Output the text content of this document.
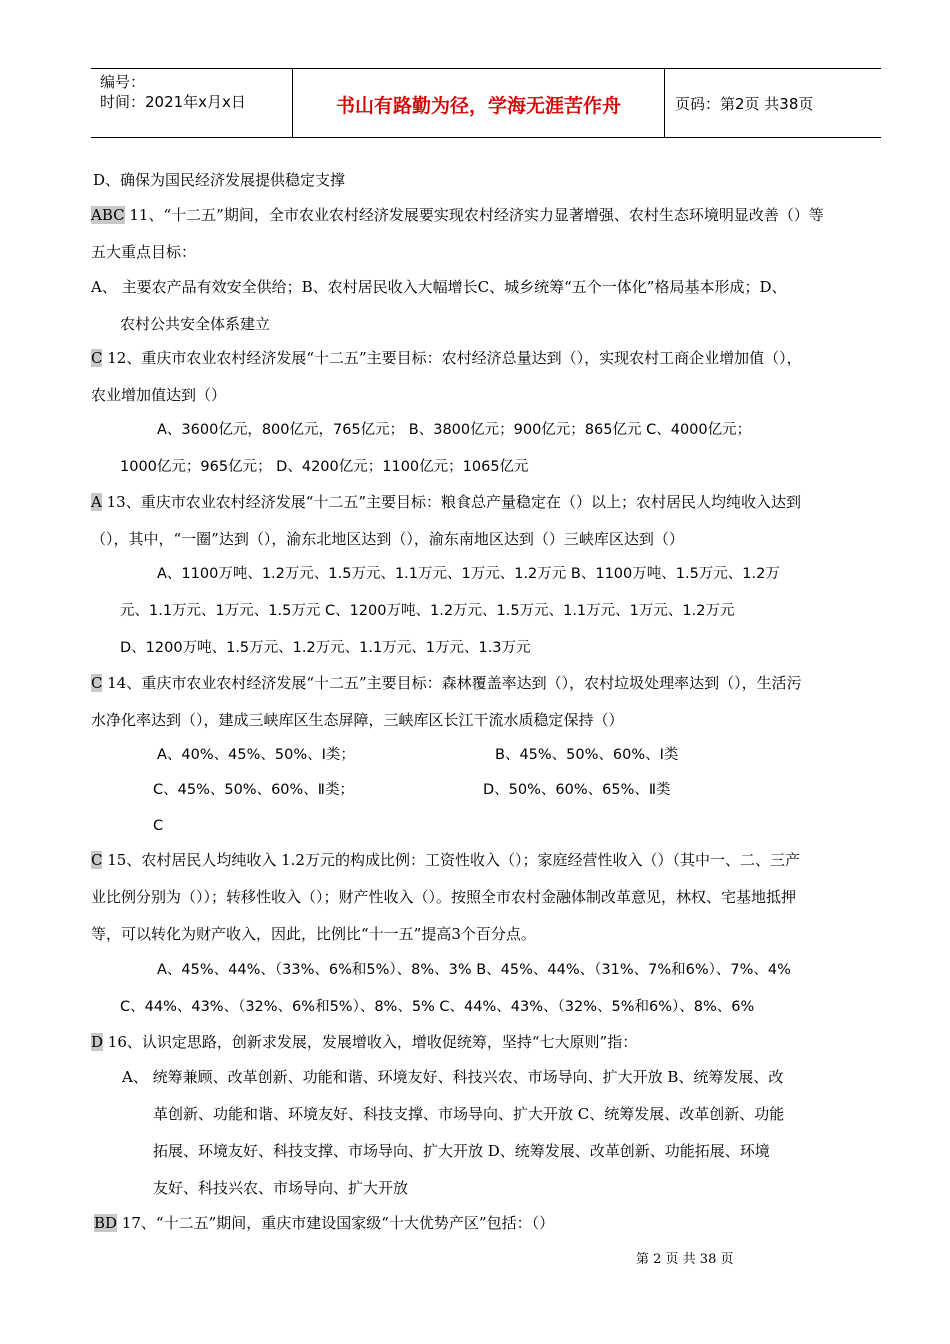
编号：
时间：2021年x月x日	书山有路勤为径，学海无涯苦作舟	页码：第2页 共38页
D、确保为国民经济发展提供稳定支撑
ABC 11、“十二五”期间，全市农业农村经济发展要实现农村经济实力显著增强、农村生态环境明显改善（）等
五大重点目标：
A、 主要农产品有效安全供给；B、农村居民收入大幅增长C、城乡统筹“五个一体化”格局基本形成；D、
农村公共安全体系建立
C 12、重庆市农业农村经济发展“十二五”主要目标：农村经济总量达到（），实现农村工商企业增加值（），
农业增加值达到（）
A、3600亿元，800亿元，765亿元； B、3800亿元；900亿元；865亿元 C、4000亿元；
1000亿元；965亿元； D、4200亿元；1100亿元；1065亿元
A 13、重庆市农业农村经济发展“十二五”主要目标：粮食总产量稳定在（）以上；农村居民人均纯收入达到
（），其中，“一圈”达到（），渝东北地区达到（），渝东南地区达到（）三峡库区达到（）
A、1100万吨、1.2万元、1.5万元、1.1万元、1万元、1.2万元 B、1100万吨、1.5万元、1.2万
元、1.1万元、1万元、1.5万元 C、1200万吨、1.2万元、1.5万元、1.1万元、1万元、1.2万元
D、1200万吨、1.5万元、1.2万元、1.1万元、1万元、1.3万元
C 14、重庆市农业农村经济发展“十二五”主要目标：森林覆盖率达到（），农村垃圾处理率达到（），生活污
水净化率达到（），建成三峡库区生态屏障，三峡库区长江干流水质稳定保持（）
A、40%、45%、50%、I类；	B、45%、50%、60%、I类
C、45%、50%、60%、Ⅱ类；	D、50%、60%、65%、Ⅱ类
C
C 15、农村居民人均纯收入 1.2万元的构成比例：工资性收入（）；家庭经营性收入（）（其中一、二、三产
业比例分别为（））；转移性收入（）；财产性收入（）。按照全市农村金融体制改革意见，林权、宅基地抵押
等，可以转化为财产收入，因此，比例比“十一五”提高3个百分点。
A、45%、44%、（33%、6%和5%）、8%、3% B、45%、44%、（31%、7%和6%）、7%、4%
C、44%、43%、（32%、6%和5%）、8%、5% C、44%、43%、（32%、5%和6%）、8%、6%
D 16、认识定思路，创新求发展，发展增收入，增收促统筹，坚持“七大原则”指：
A、 统筹兼顾、改革创新、功能和谐、环境友好、科技兴农、市场导向、扩大开放 B、统筹发展、改
革创新、功能和谐、环境友好、科技支撑、市场导向、扩大开放 C、统筹发展、改革创新、功能
拓展、环境友好、科技支撑、市场导向、扩大开放 D、统筹发展、改革创新、功能拓展、环境
友好、科技兴农、市场导向、扩大开放
BD 17、“十二五”期间，重庆市建设国家级“十大优势产区”包括：（）
第 2 页 共 38 页
